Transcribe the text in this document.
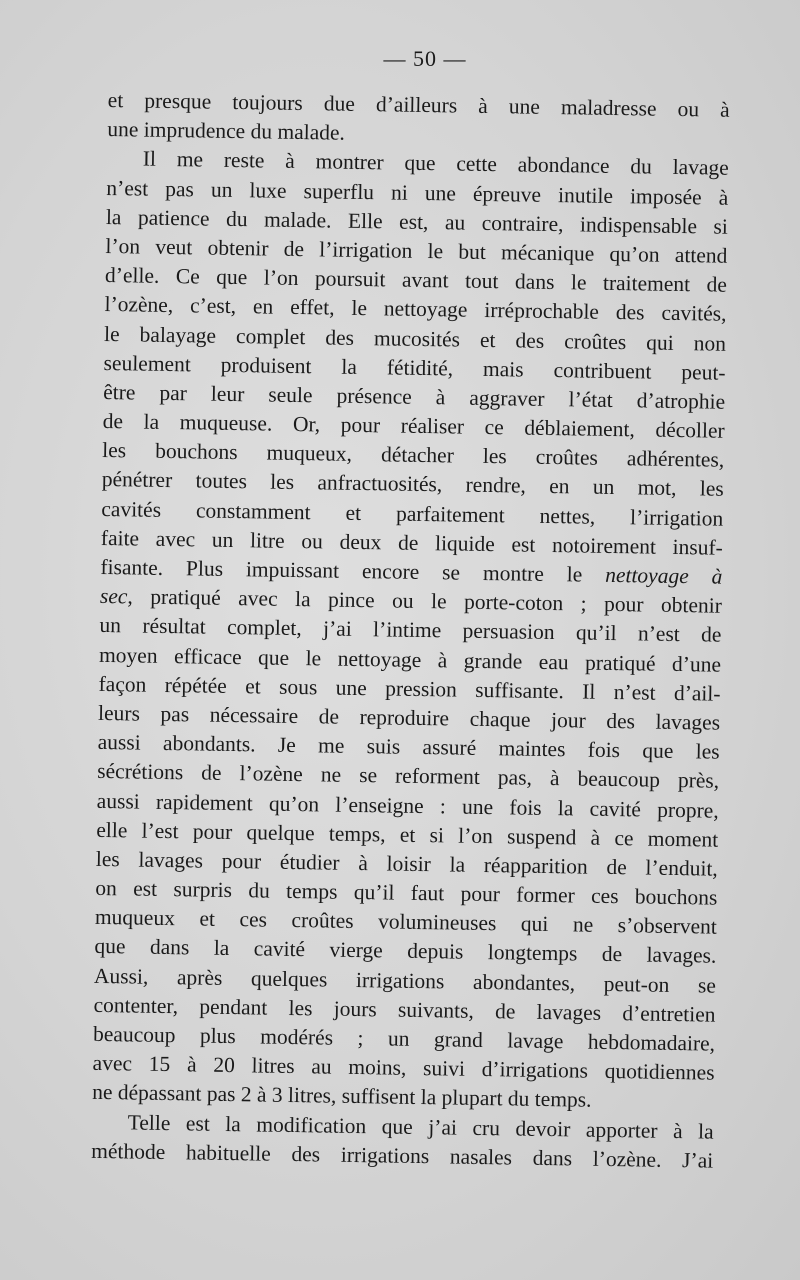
— 50 —
et presque toujours due d’ailleurs à une maladresse ou à
une imprudence du malade.
Il me reste à montrer que cette abondance du lavage
n’est pas un luxe superflu ni une épreuve inutile imposée à
la patience du malade. Elle est, au contraire, indispensable si
l’on veut obtenir de l’irrigation le but mécanique qu’on attend
d’elle. Ce que l’on poursuit avant tout dans le traitement de
l’ozène, c’est, en effet, le nettoyage irréprochable des cavités,
le balayage complet des mucosités et des croûtes qui non
seulement produisent la fétidité, mais contribuent peut-
être par leur seule présence à aggraver l’état d’atrophie
de la muqueuse. Or, pour réaliser ce déblaiement, décoller
les bouchons muqueux, détacher les croûtes adhérentes,
pénétrer toutes les anfractuosités, rendre, en un mot, les
cavités constamment et parfaitement nettes, l’irrigation
faite avec un litre ou deux de liquide est notoirement insuf-
fisante. Plus impuissant encore se montre le nettoyage à
sec, pratiqué avec la pince ou le porte-coton ; pour obtenir
un résultat complet, j’ai l’intime persuasion qu’il n’est de
moyen efficace que le nettoyage à grande eau pratiqué d’une
façon répétée et sous une pression suffisante. Il n’est d’ail-
leurs pas nécessaire de reproduire chaque jour des lavages
aussi abondants. Je me suis assuré maintes fois que les
sécrétions de l’ozène ne se reforment pas, à beaucoup près,
aussi rapidement qu’on l’enseigne : une fois la cavité propre,
elle l’est pour quelque temps, et si l’on suspend à ce moment
les lavages pour étudier à loisir la réapparition de l’enduit,
on est surpris du temps qu’il faut pour former ces bouchons
muqueux et ces croûtes volumineuses qui ne s’observent
que dans la cavité vierge depuis longtemps de lavages.
Aussi, après quelques irrigations abondantes, peut-on se
contenter, pendant les jours suivants, de lavages d’entretien
beaucoup plus modérés ; un grand lavage hebdomadaire,
avec 15 à 20 litres au moins, suivi d’irrigations quotidiennes
ne dépassant pas 2 à 3 litres, suffisent la plupart du temps.
Telle est la modification que j’ai cru devoir apporter à la
méthode habituelle des irrigations nasales dans l’ozène. J’ai
